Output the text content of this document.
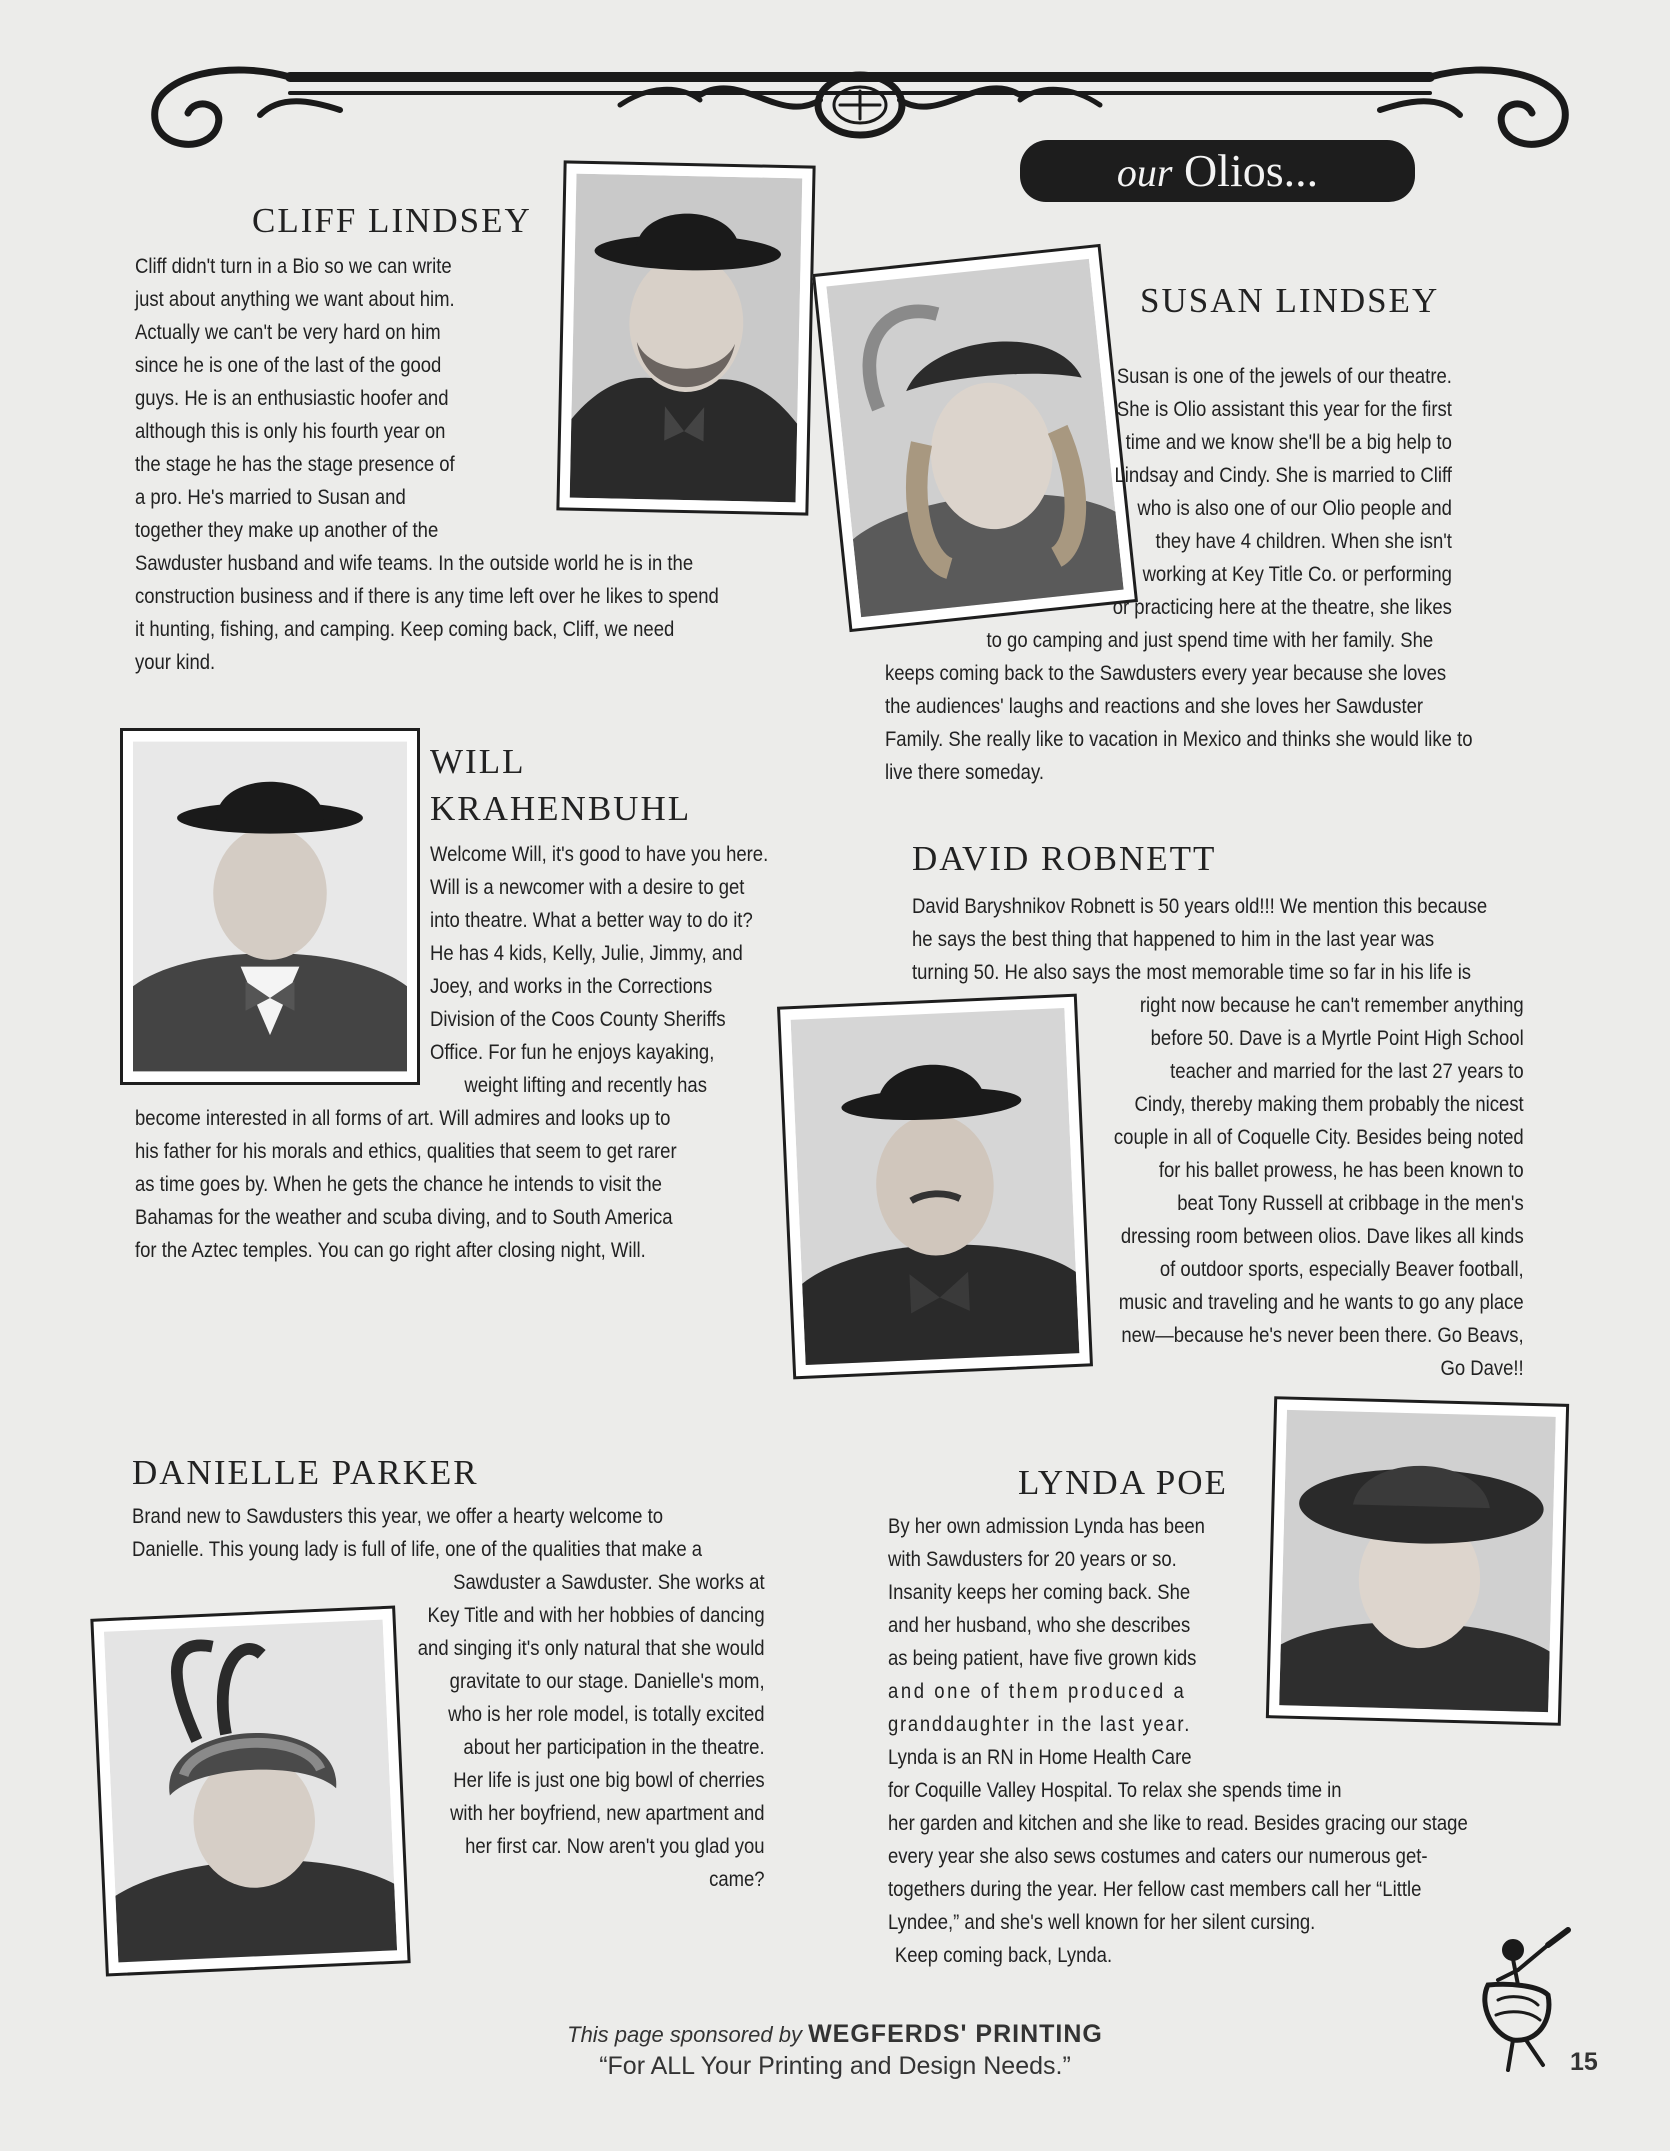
our Olios...
CLIFF LINDSEY
Cliff didn't turn in a Bio so we can write
just about anything we want about him.
Actually we can't be very hard on him
since he is one of the last of the good
guys. He is an enthusiastic hoofer and
although this is only his fourth year on
the stage he has the stage presence of
a pro. He's married to Susan and
together they make up another of the
Sawduster husband and wife teams. In the outside world he is in the
construction business and if there is any time left over he likes to spend
it hunting, fishing, and camping. Keep coming back, Cliff, we need
your kind.
SUSAN LINDSEY
Susan is one of the jewels of our theatre.
She is Olio assistant this year for the first
time and we know she'll be a big help to
Lindsay and Cindy. She is married to Cliff
who is also one of our Olio people and
they have 4 children. When she isn't
working at Key Title Co. or performing
or practicing here at the theatre, she likes
to go camping and just spend time with her family. She
keeps coming back to the Sawdusters every year because she loves
the audiences' laughs and reactions and she loves her Sawduster
Family. She really like to vacation in Mexico and thinks she would like to
live there someday.
WILL
KRAHENBUHL
Welcome Will, it's good to have you here.
Will is a newcomer with a desire to get
into theatre. What a better way to do it?
He has 4 kids, Kelly, Julie, Jimmy, and
Joey, and works in the Corrections
Division of the Coos County Sheriffs
Office. For fun he enjoys kayaking,
weight lifting and recently has
become interested in all forms of art. Will admires and looks up to
his father for his morals and ethics, qualities that seem to get rarer
as time goes by. When he gets the chance he intends to visit the
Bahamas for the weather and scuba diving, and to South America
for the Aztec temples. You can go right after closing night, Will.
DAVID ROBNETT
David Baryshnikov Robnett is 50 years old!!! We mention this because
he says the best thing that happened to him in the last year was
turning 50. He also says the most memorable time so far in his life is
right now because he can't remember anything
before 50. Dave is a Myrtle Point High School
teacher and married for the last 27 years to
Cindy, thereby making them probably the nicest
couple in all of Coquelle City. Besides being noted
for his ballet prowess, he has been known to
beat Tony Russell at cribbage in the men's
dressing room between olios. Dave likes all kinds
of outdoor sports, especially Beaver football,
music and traveling and he wants to go any place
new—because he's never been there. Go Beavs,
Go Dave!!
DANIELLE PARKER
Brand new to Sawdusters this year, we offer a hearty welcome to
Danielle. This young lady is full of life, one of the qualities that make a
Sawduster a Sawduster. She works at
Key Title and with her hobbies of dancing
and singing it's only natural that she would
gravitate to our stage. Danielle's mom,
who is her role model, is totally excited
about her participation in the theatre.
Her life is just one big bowl of cherries
with her boyfriend, new apartment and
her first car. Now aren't you glad you
came?
LYNDA POE
By her own admission Lynda has been
with Sawdusters for 20 years or so.
Insanity keeps her coming back. She
and her husband, who she describes
as being patient, have five grown kids
and one of them produced a
granddaughter in the last year.
Lynda is an RN in Home Health Care
for Coquille Valley Hospital. To relax she spends time in
her garden and kitchen and she like to read. Besides gracing our stage
every year she also sews costumes and caters our numerous get-
togethers during the year. Her fellow cast members call her “Little
Lyndee,” and she's well known for her silent cursing.
Keep coming back, Lynda.
This page sponsored by WEGFERDS' PRINTING
“For ALL Your Printing and Design Needs.”	15
